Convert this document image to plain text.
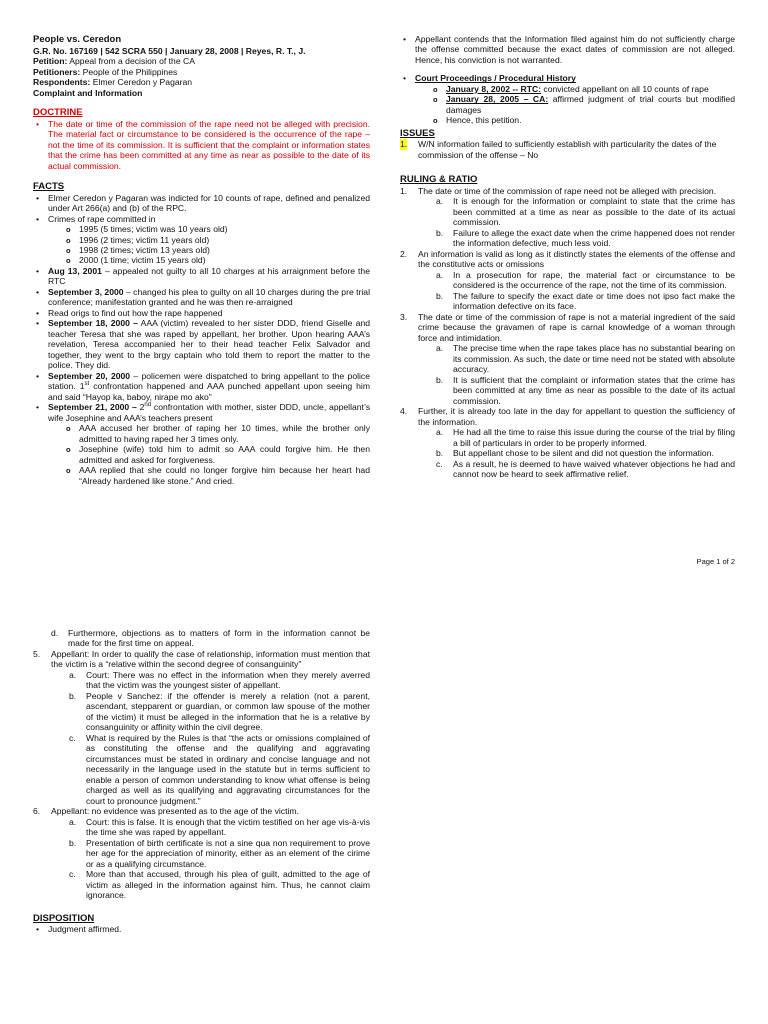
People vs. Ceredon
G.R. No. 167169 | 542 SCRA 550 | January 28, 2008 | Reyes, R. T., J.
Petition: Appeal from a decision of the CA
Petitioners: People of the Philippines
Respondents: Elmer Ceredon y Pagaran
Complaint and Information
DOCTRINE
• The date or time of the commission of the rape need not be alleged with precision. The material fact or circumstance to be considered is the occurrence of the rape – not the time of its commission. It is sufficient that the complaint or information states that the crime has been committed at any time as near as possible to the date of its actual commission.
FACTS
• Elmer Ceredon y Pagaran was indicted for 10 counts of rape, defined and penalized under Art 266(a) and (b) of the RPC.
• Crimes of rape committed in
o 1995 (5 times; victim was 10 years old)
o 1996 (2 times; victim 11 years old)
o 1998 (2 times; victim 13 years old)
o 2000 (1 time; victim 15 years old)
• Aug 13, 2001 – appealed not guilty to all 10 charges at his arraignment before the RTC
• September 3, 2000 – changed his plea to guilty on all 10 charges during the pre trial conference; manifestation granted and he was then re-arraigned
• Read origs to find out how the rape happened
• September 18, 2000 – AAA (victim) revealed to her sister DDD, friend Giselle and teacher Teresa that she was raped by appellant, her brother. Upon hearing AAA’s revelation, Teresa accompanied her to their head teacher Felix Salvador and together, they went to the brgy captain who told them to report the matter to the police. They did.
• September 20, 2000 – policemen were dispatched to bring appellant to the police station. 1st confrontation happened and AAA punched appellant upon seeing him and said “Hayop ka, baboy, nirape mo ako”
• September 21, 2000 – 2nd confrontation with mother, sister DDD, uncle, appellant’s wife Josephine and AAA’s teachers present
o AAA accused her brother of raping her 10 times, while the brother only admitted to having raped her 3 times only.
o Josephine (wife) told him to admit so AAA could forgive him. He then admitted and asked for forgiveness.
o AAA replied that she could no longer forgive him because her heart had “Already hardened like stone.” And cried.
• Appellant contends that the Information filed against him do not sufficiently charge the offense committed because the exact dates of commission are not alleged. Hence, his conviction is not warranted.
• Court Proceedings / Procedural History
o January 8, 2002 -- RTC: convicted appellant on all 10 counts of rape
o January 28, 2005 – CA: affirmed judgment of trial courts but modified damages
o Hence, this petition.
ISSUES
1. W/N information failed to sufficiently establish with particularity the dates of the commission of the offense – No
RULING & RATIO
1. The date or time of the commission of rape need not be alleged with precision.
a. It is enough for the information or complaint to state that the crime has been committed at a time as near as possible to the date of its actual commission.
b. Failure to allege the exact date when the crime happened does not render the information defective, much less void.
2. An information is valid as long as it distinctly states the elements of the offense and the constitutive acts or omissions
a. In a prosecution for rape, the material fact or circumstance to be considered is the occurrence of the rape, not the time of its commission.
b. The failure to specify the exact date or time does not ipso fact make the information defective on its face.
3. The date or time of the commission of rape is not a material ingredient of the said crime because the gravamen of rape is carnal knowledge of a woman through force and intimidation.
a. The precise time when the rape takes place has no substantial bearing on its commission. As such, the date or time need not be stated with absolute accuracy.
b. It is sufficient that the complaint or information states that the crime has been committed at any time as near as possible to the date of its actual commission.
4. Further, it is already too late in the day for appellant to question the sufficiency of the information.
a. He had all the time to raise this issue during the course of the trial by filing a bill of particulars in order to be properly informed.
b. But appellant chose to be silent and did not question the information.
c. As a result, he is deemed to have waived whatever objections he had and cannot now be heard to seek affirmative relief.
Page 1 of 2
d. Furthermore, objections as to matters of form in the information cannot be made for the first time on appeal.
5. Appellant: In order to qualify the case of relationship, information must mention that the victim is a “relative within the second degree of consanguinity”
a. Court: There was no effect in the information when they merely averred that the victim was the youngest sister of appellant.
b. People v Sanchez: if the offender is merely a relation (not a parent, ascendant, stepparent or guardian, or common law spouse of the mother of the victim) it must be alleged in the information that he is a relative by consanguinity or affinity within the civil degree.
c. What is required by the Rules is that “the acts or omissions complained of as constituting the offense and the qualifying and aggravating circumstances must be stated in ordinary and concise language and not necessarily in the language used in the statute but in terms sufficient to enable a person of common understanding to know what offense is being charged as well as its qualifying and aggravating circumstances for the court to pronounce judgment.”
6. Appellant: no evidence was presented as to the age of the victim.
a. Court: this is false. It is enough that the victim testified on her age vis-à-vis the time she was raped by appellant.
b. Presentation of birth certificate is not a sine qua non requirement to prove her age for the appreciation of minority, either as an element of the cirime or as a qualifying circumstance.
c. More than that accused, through his plea of guilt, admitted to the age of victim as alleged in the information against him. Thus, he cannot claim ignorance.
DISPOSITION
• Judgment affirmed.
